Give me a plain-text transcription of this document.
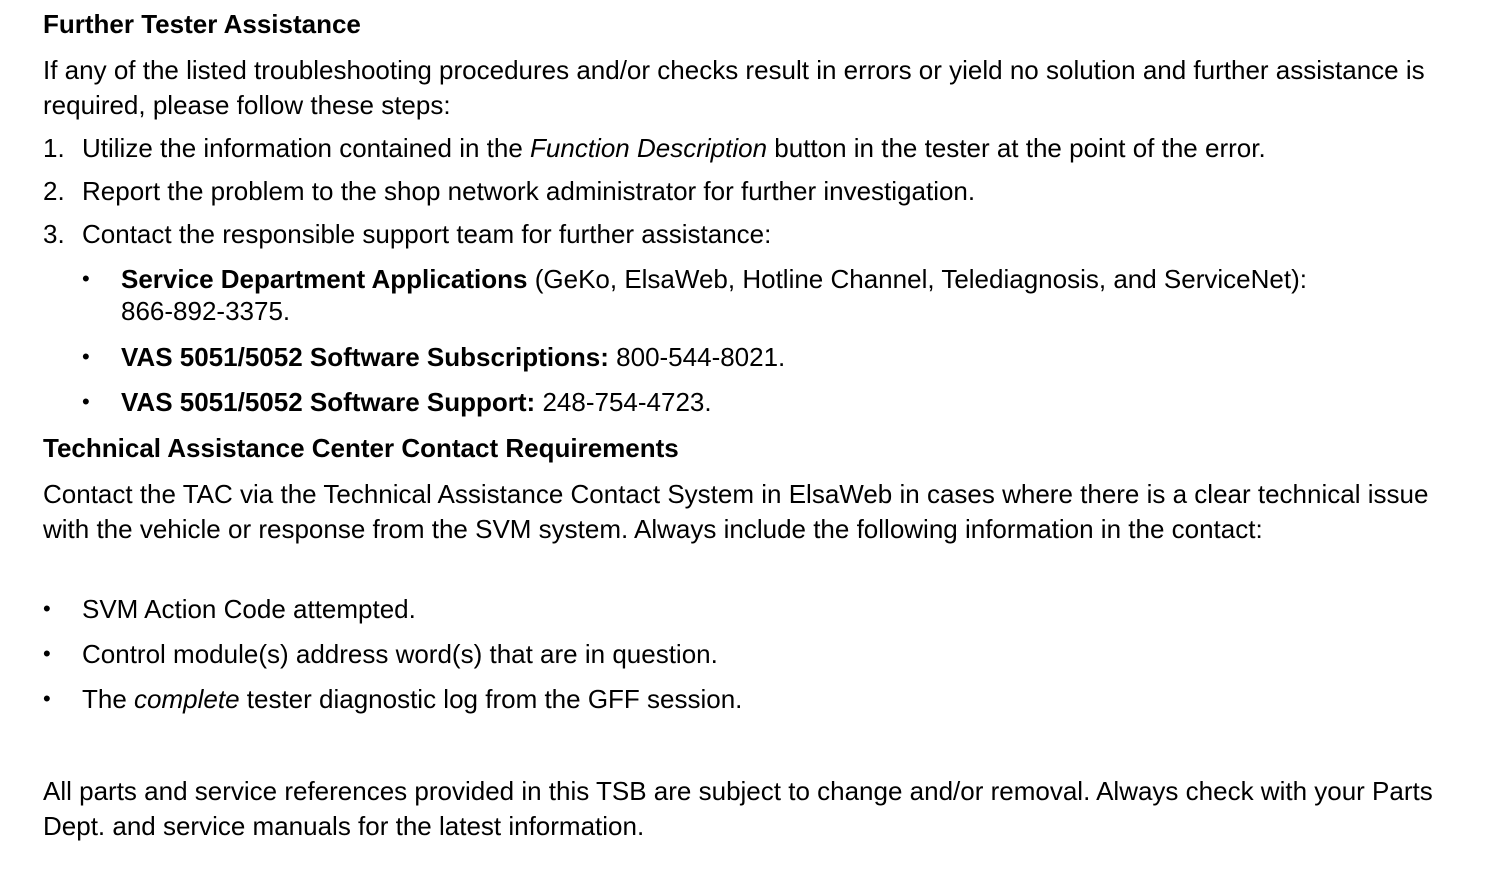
Further Tester Assistance

If any of the listed troubleshooting procedures and/or checks result in errors or yield no solution and further assistance is required, please follow these steps:

1. Utilize the information contained in the Function Description button in the tester at the point of the error.
2. Report the problem to the shop network administrator for further investigation.
3. Contact the responsible support team for further assistance:
• Service Department Applications (GeKo, ElsaWeb, Hotline Channel, Telediagnosis, and ServiceNet):
866-892-3375.
• VAS 5051/5052 Software Subscriptions: 800-544-8021.
• VAS 5051/5052 Software Support: 248-754-4723.
Technical Assistance Center Contact Requirements

Contact the TAC via the Technical Assistance Contact System in ElsaWeb in cases where there is a clear technical issue with the vehicle or response from the SVM system. Always include the following information in the contact:

• SVM Action Code attempted.
• Control module(s) address word(s) that are in question.
• The complete tester diagnostic log from the GFF session.

All parts and service references provided in this TSB are subject to change and/or removal. Always check with your Parts Dept. and service manuals for the latest information.
